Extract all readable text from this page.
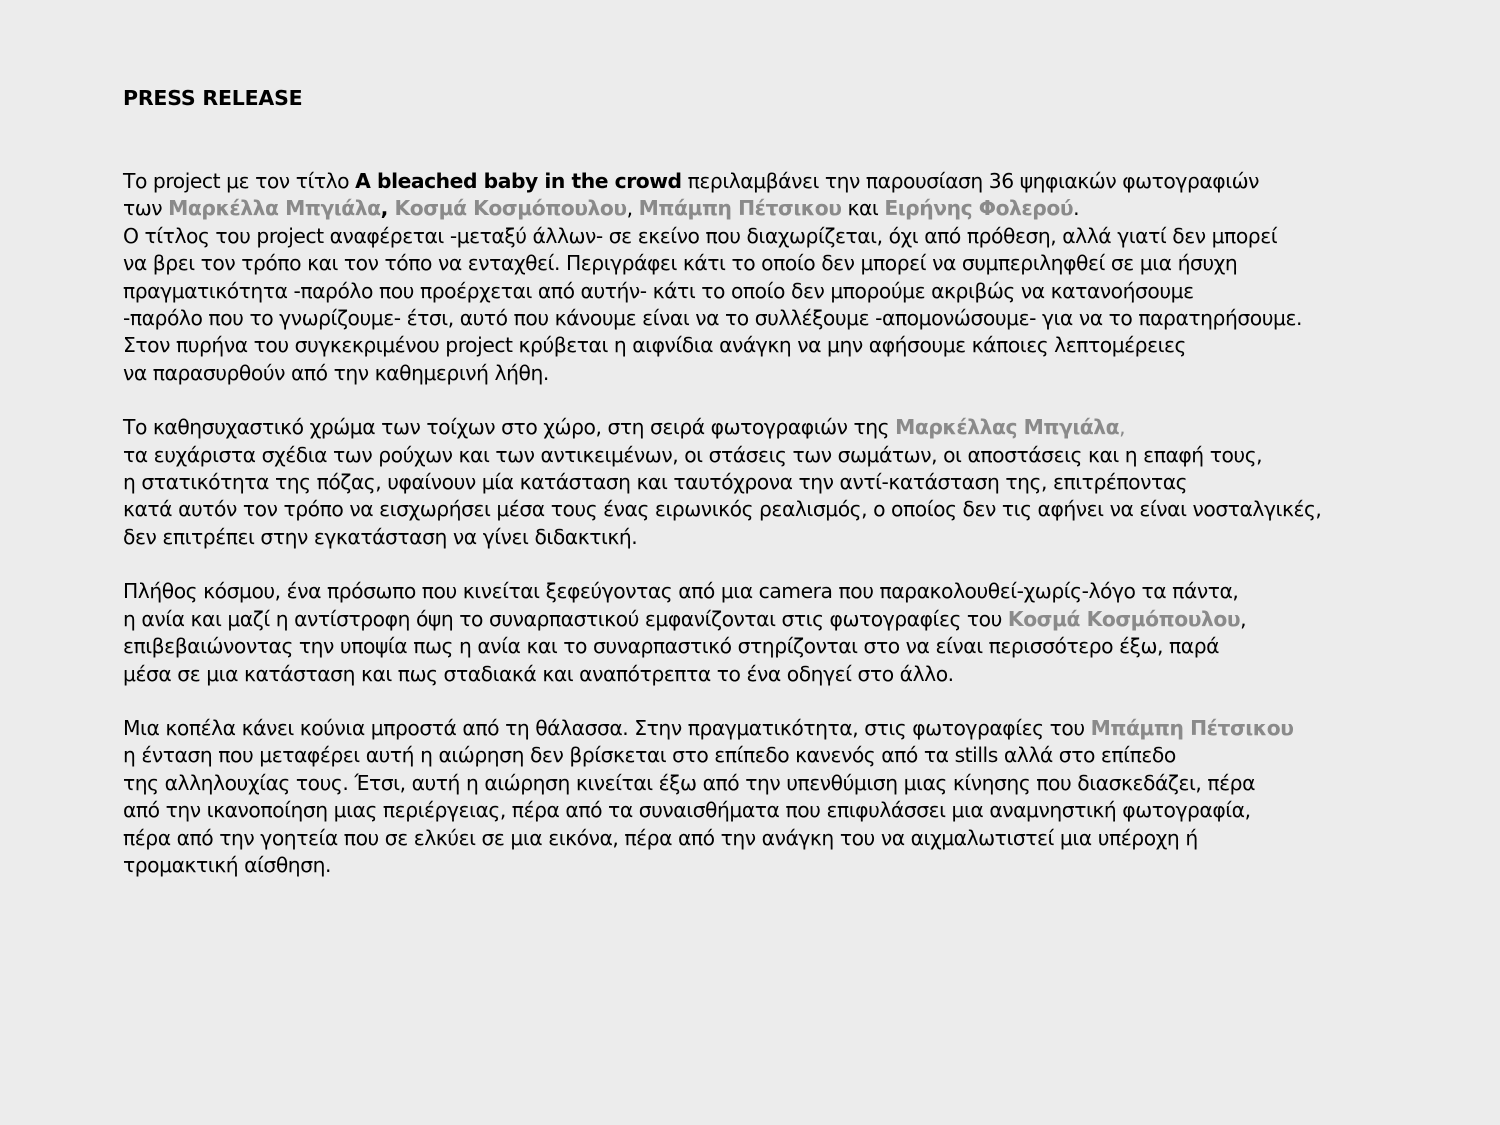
PRESS RELEASE
Το project με τον τίτλο A bleached baby in the crowd περιλαμβάνει την παρουσίαση 36 ψηφιακών φωτογραφιών
των Μαρκέλλα Μπγιάλα, Κοσμά Κοσμόπουλου, Μπάμπη Πέτσικου και Ειρήνης Φολερού.
Ο τίτλος του project αναφέρεται -μεταξύ άλλων- σε εκείνο που διαχωρίζεται, όχι από πρόθεση, αλλά γιατί δεν μπορεί
να βρει τον τρόπο και τον τόπο να ενταχθεί. Περιγράφει κάτι το οποίο δεν μπορεί να συμπεριληφθεί σε μια ήσυχη
πραγματικότητα -παρόλο που προέρχεται από αυτήν- κάτι το οποίο δεν μπορούμε ακριβώς να κατανοήσουμε
-παρόλο που το γνωρίζουμε- έτσι, αυτό που κάνουμε είναι να το συλλέξουμε -απομονώσουμε- για να το παρατηρήσουμε.
Στον πυρήνα του συγκεκριμένου project κρύβεται η αιφνίδια ανάγκη να μην αφήσουμε κάποιες λεπτομέρειες
να παρασυρθούν από την καθημερινή λήθη.
Το καθησυχαστικό χρώμα των τοίχων στο χώρο, στη σειρά φωτογραφιών της Μαρκέλλας Μπγιάλα,
τα ευχάριστα σχέδια των ρούχων και των αντικειμένων, οι στάσεις των σωμάτων, οι αποστάσεις και η επαφή τους,
η στατικότητα της πόζας, υφαίνουν μία κατάσταση και ταυτόχρονα την αντί-κατάσταση της, επιτρέποντας
κατά αυτόν τον τρόπο να εισχωρήσει μέσα τους ένας ειρωνικός ρεαλισμός, ο οποίος δεν τις αφήνει να είναι νοσταλγικές,
δεν επιτρέπει στην εγκατάσταση να γίνει διδακτική.
Πλήθος κόσμου, ένα πρόσωπο που κινείται ξεφεύγοντας από μια camera που παρακολουθεί-χωρίς-λόγο τα πάντα,
η ανία και μαζί η αντίστροφη όψη το συναρπαστικού εμφανίζονται στις φωτογραφίες του Κοσμά Κοσμόπουλου,
επιβεβαιώνοντας την υποψία πως η ανία και το συναρπαστικό στηρίζονται στο να είναι περισσότερο έξω, παρά
μέσα σε μια κατάσταση και πως σταδιακά και αναπότρεπτα το ένα οδηγεί στο άλλο.
Μια κοπέλα κάνει κούνια μπροστά από τη θάλασσα. Στην πραγματικότητα, στις φωτογραφίες του Μπάμπη Πέτσικου
η ένταση που μεταφέρει αυτή η αιώρηση δεν βρίσκεται στο επίπεδο κανενός από τα stills αλλά στο επίπεδο
της αλληλουχίας τους. Έτσι, αυτή η αιώρηση κινείται έξω από την υπενθύμιση μιας κίνησης που διασκεδάζει, πέρα
από την ικανοποίηση μιας περιέργειας, πέρα από τα συναισθήματα που επιφυλάσσει μια αναμνηστική φωτογραφία,
πέρα από την γοητεία που σε ελκύει σε μια εικόνα, πέρα από την ανάγκη του να αιχμαλωτιστεί μια υπέροχη ή
τρομακτική αίσθηση.
